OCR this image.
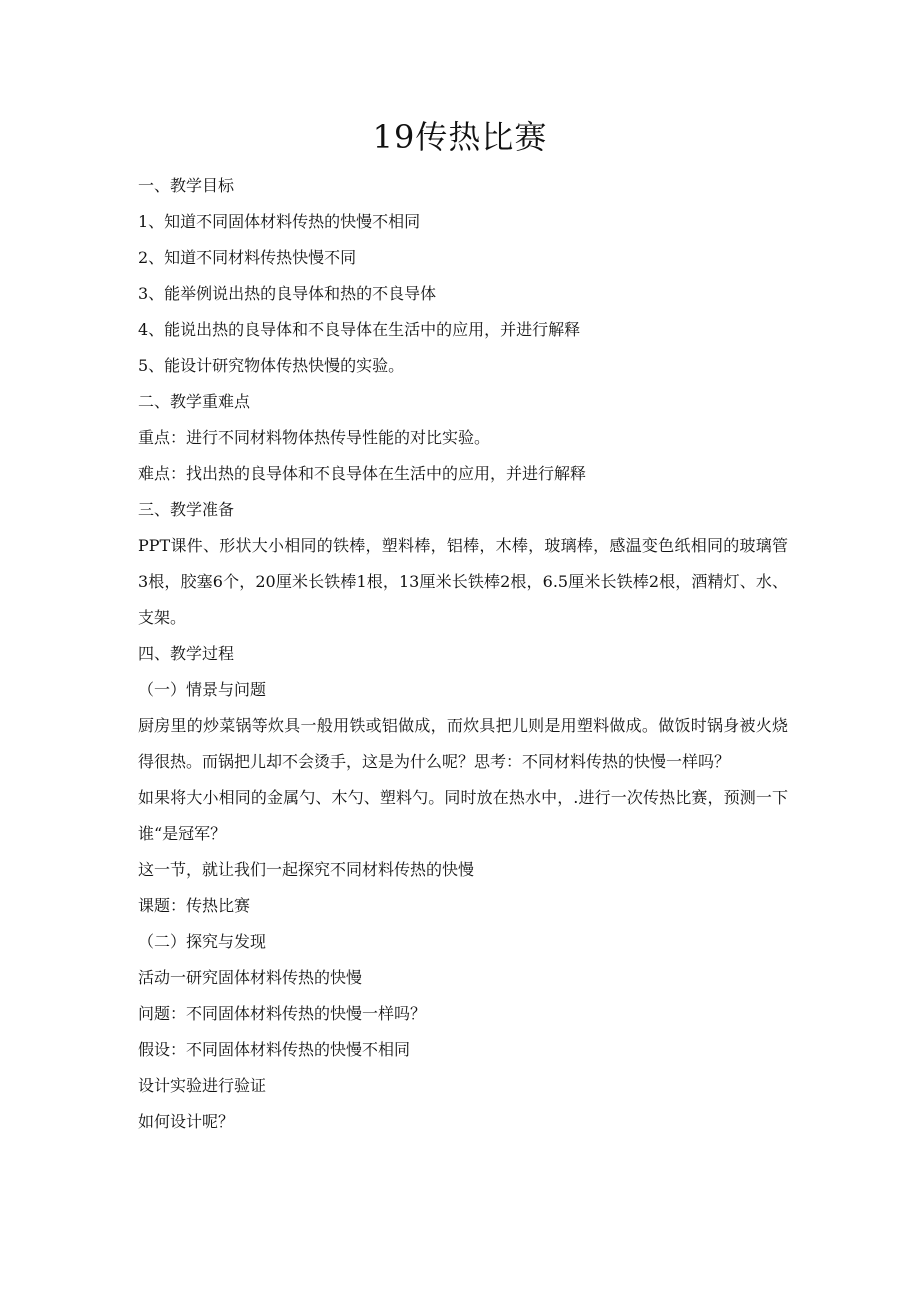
19传热比赛

一、教学目标

1、知道不同固体材料传热的快慢不相同

2、知道不同材料传热快慢不同

3、能举例说出热的良导体和热的不良导体

4、能说出热的良导体和不良导体在生活中的应用，并进行解释

5、能设计研究物体传热快慢的实验。

二、教学重难点

重点：进行不同材料物体热传导性能的对比实验。

难点：找出热的良导体和不良导体在生活中的应用，并进行解释

三、教学准备

PPT课件、形状大小相同的铁棒，塑料棒，铝棒，木棒，玻璃棒，感温变色纸相同的玻璃管3根，胶塞6个，20厘米长铁棒1根，13厘米长铁棒2根，6.5厘米长铁棒2根，酒精灯、水、支架。

四、教学过程

（一）情景与问题

厨房里的炒菜锅等炊具一般用铁或铝做成，而炊具把儿则是用塑料做成。做饭时锅身被火烧得很热。而锅把儿却不会烫手，这是为什么呢？思考：不同材料传热的快慢一样吗？

如果将大小相同的金属勺、木勺、塑料勺。同时放在热水中，.进行一次传热比赛，预测一下谁“是冠军？

这一节，就让我们一起探究不同材料传热的快慢

课题：传热比赛

（二）探究与发现

活动一研究固体材料传热的快慢

问题：不同固体材料传热的快慢一样吗？

假设：不同固体材料传热的快慢不相同

设计实验进行验证

如何设计呢？
